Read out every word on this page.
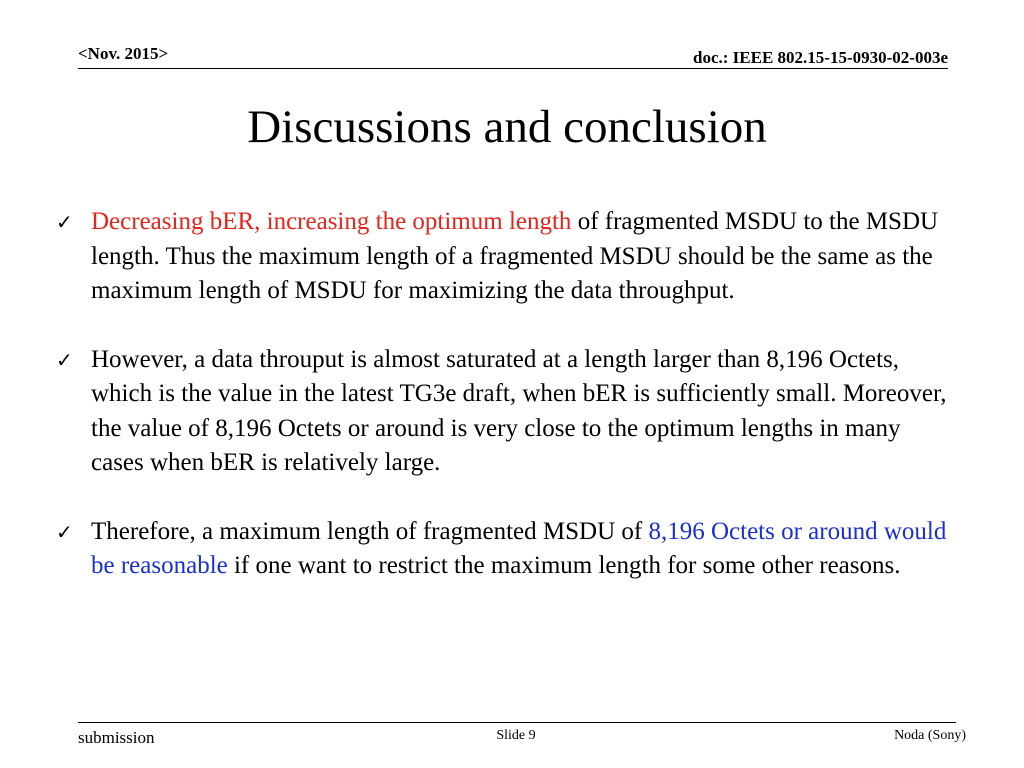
<Nov. 2015>	doc.: IEEE 802.15-15-0930-02-003e
Discussions and conclusion
✓ Decreasing bER, increasing the optimum length of fragmented MSDU to the MSDU length. Thus the maximum length of a fragmented MSDU should be the same as the maximum length of MSDU for maximizing the data throughput.
✓ However, a data throuput is almost saturated at a length larger than 8,196 Octets, which is the value in the latest TG3e draft, when bER is sufficiently small. Moreover, the value of 8,196 Octets or around is very close to the optimum lengths in many cases when bER is relatively large.
✓ Therefore, a maximum length of fragmented MSDU of 8,196 Octets or around would be reasonable if one want to restrict the maximum length for some other reasons.
submission	Slide 9	Noda (Sony)
